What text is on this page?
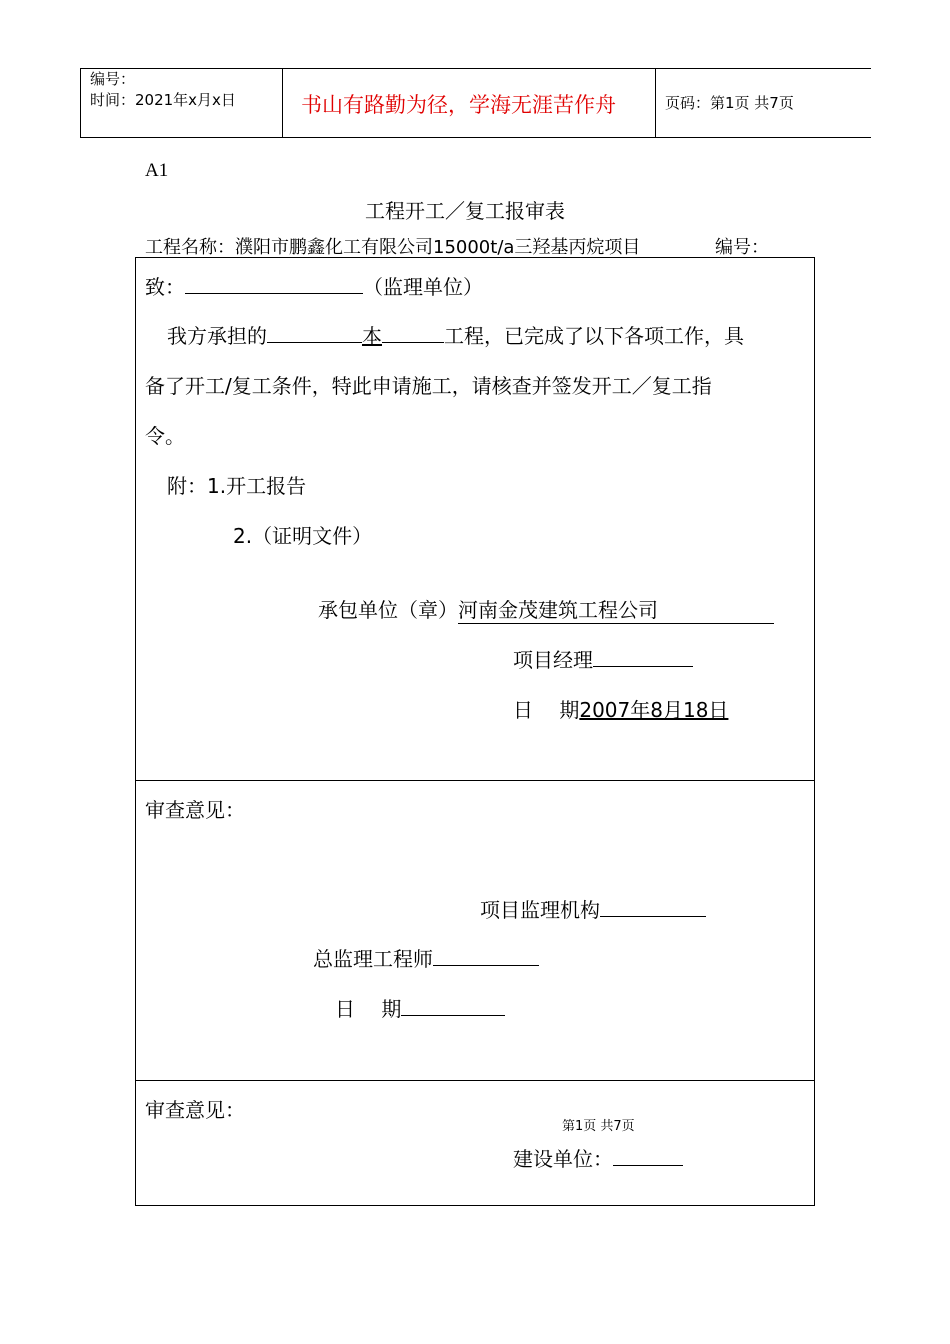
编号：
时间：2021年x月x日	书山有路勤为径，学海无涯苦作舟	页码：第1页 共7页
A1
工程开工／复工报审表
工程名称：濮阳市鹏鑫化工有限公司15000t/a三羟基丙烷项目	编号：
致：	（监理单位）
我方承担的	本	工程，已完成了以下各项工作，具
备了开工/复工条件，特此申请施工，请核查并签发开工／复工指
令。
附：1.开工报告
2.（证明文件）
承包单位（章）河南金茂建筑工程公司
项目经理
日　 期2007年8月18日
审查意见：
项目监理机构
总监理工程师
日　 期
审查意见：
第1页 共7页
建设单位：
